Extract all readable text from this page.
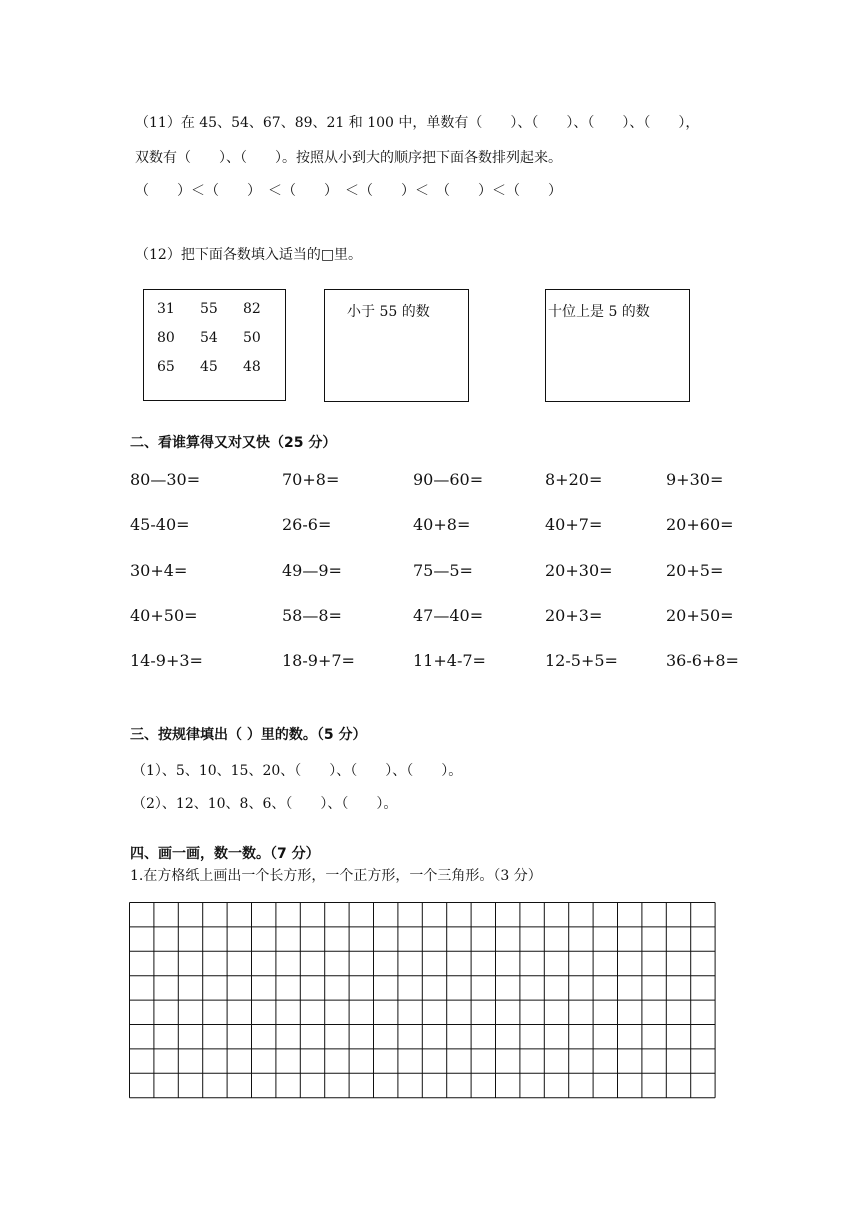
（11）在 45、54、67、89、21 和 100 中，单数有（　　）、（　　）、（　　）、（　　），
双数有（　　）、（　　）。按照从小到大的顺序把下面各数排列起来。
（　　）＜（　　）　＜（　　）　＜（　　）＜　（　　）＜（　　）
（12）把下面各数填入适当的□里。
31 55 82
80 54 50
65 45 48
小于 55 的数	十位上是 5 的数
二、看谁算得又对又快（25 分）
80—30=	70+8=	90—60=	8+20=	9+30=
45-40=	26-6=	40+8=	40+7=	20+60=
30+4=	49—9=	75—5=	20+30=	20+5=
40+50=	58—8=	47—40=	20+3=	20+50=
14-9+3=	18-9+7=	11+4-7=	12-5+5=	36-6+8=
三、按规律填出（ ）里的数。（5 分）
（1）、5、10、15、20、（　　）、（　　）、（　　）。
（2）、12、10、8、6、（　　）、（　　）。
四、画一画，数一数。（7 分）
1.在方格纸上画出一个长方形，一个正方形，一个三角形。（3 分）
